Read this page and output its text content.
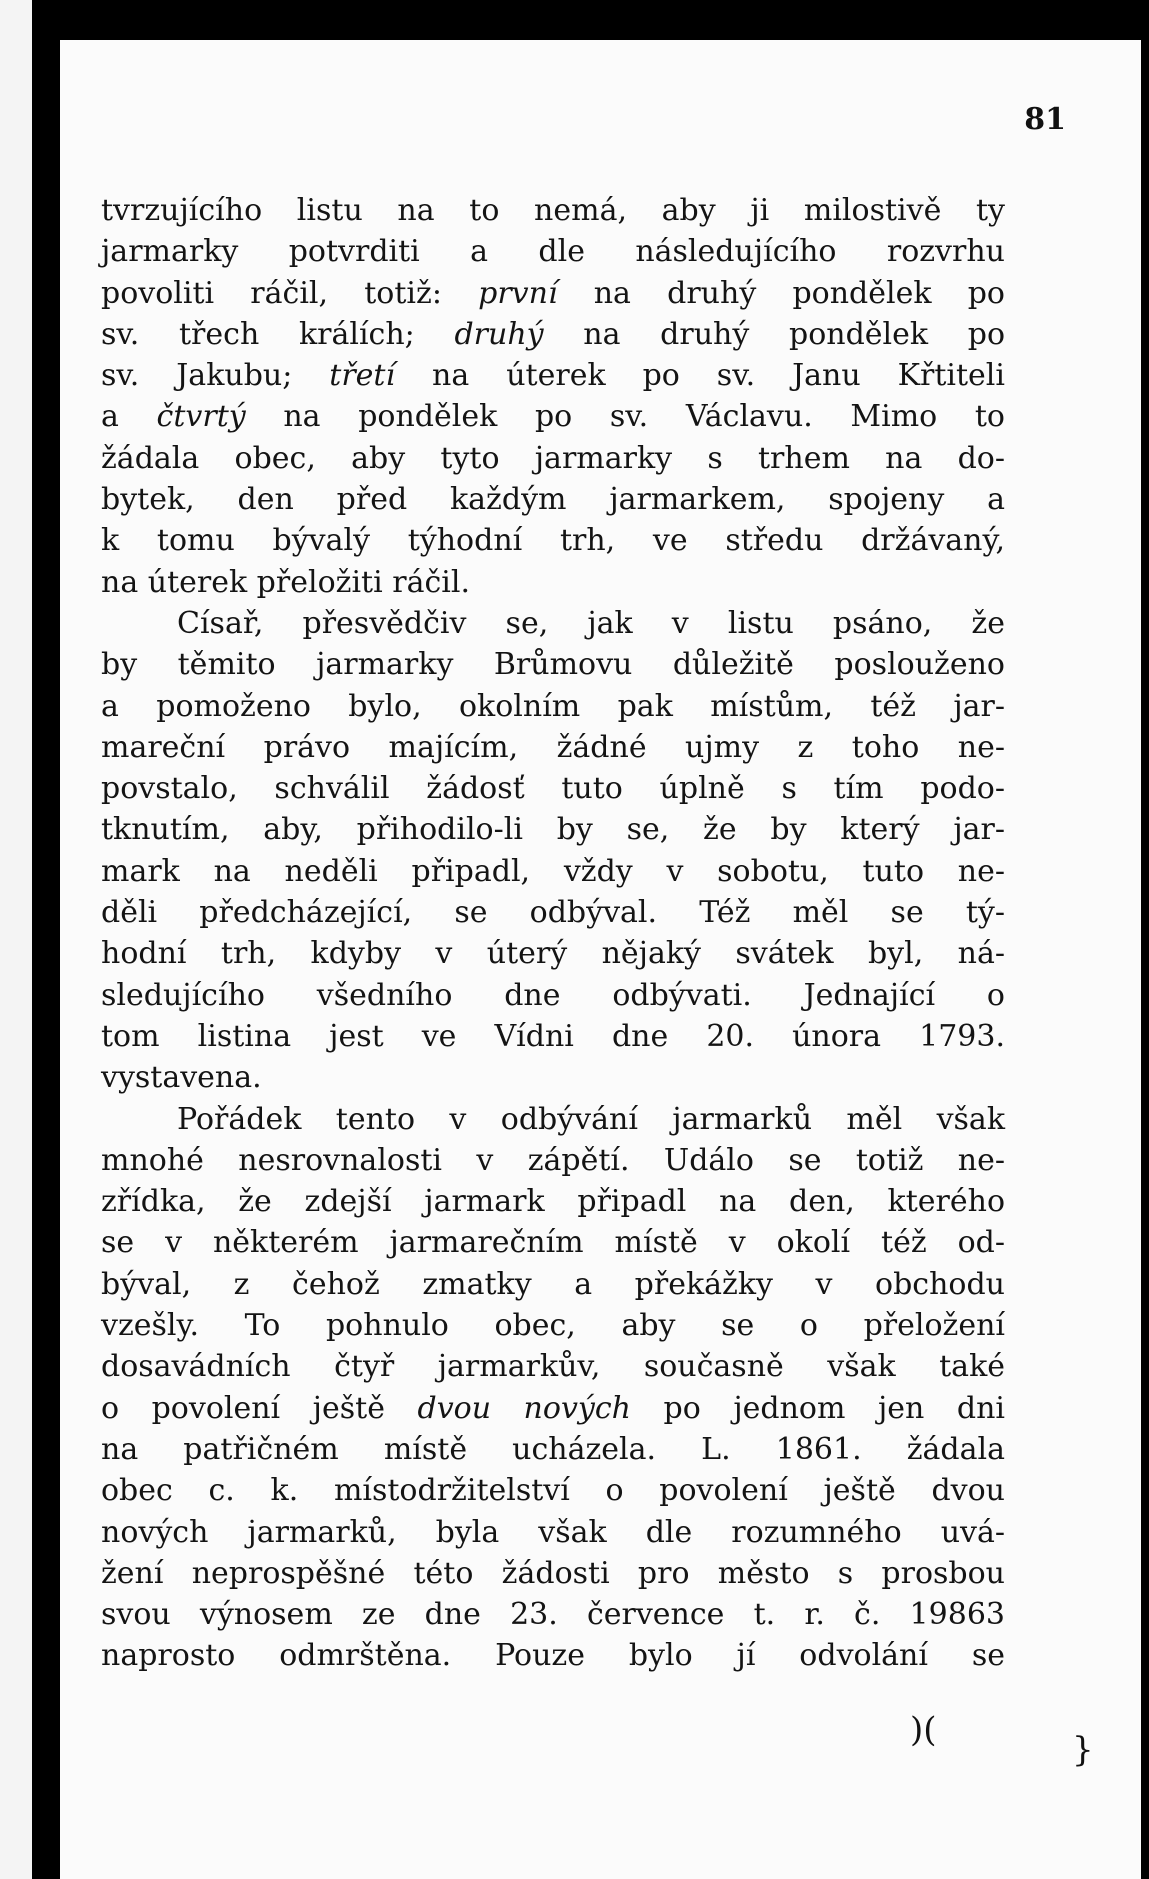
81
tvrzujícího listu na to nemá, aby ji milostivě ty
jarmarky potvrditi a dle následujícího rozvrhu
povoliti ráčil, totiž: první na druhý pondělek po
sv. třech králích; druhý na druhý pondělek po
sv. Jakubu; třetí na úterek po sv. Janu Křtiteli
a čtvrtý na pondělek po sv. Václavu. Mimo to
žádala obec, aby tyto jarmarky s trhem na do-
bytek, den před každým jarmarkem, spojeny a
k tomu bývalý týhodní trh, ve středu držávaný,
na úterek přeložiti ráčil.
Císař, přesvědčiv se, jak v listu psáno, že
by těmito jarmarky Brůmovu důležitě poslouženo
a pomoženo bylo, okolním pak místům, též jar-
mareční právo majícím, žádné ujmy z toho ne-
povstalo, schválil žádosť tuto úplně s tím podo-
tknutím, aby, přihodilo-li by se, že by který jar-
mark na neděli připadl, vždy v sobotu, tuto ne-
děli předcházející, se odbýval. Též měl se tý-
hodní trh, kdyby v úterý nějaký svátek byl, ná-
sledujícího všedního dne odbývati. Jednající o
tom listina jest ve Vídni dne 20. února 1793.
vystavena.
Pořádek tento v odbývání jarmarků měl však
mnohé nesrovnalosti v zápětí. Událo se totiž ne-
zřídka, že zdejší jarmark připadl na den, kterého
se v některém jarmarečním místě v okolí též od-
býval, z čehož zmatky a překážky v obchodu
vzešly. To pohnulo obec, aby se o přeložení
dosavádních čtyř jarmarkův, současně však také
o povolení ještě dvou nových po jednom jen dni
na patřičném místě ucházela. L. 1861. žádala
obec c. k. místodržitelství o povolení ještě dvou
nových jarmarků, byla však dle rozumného uvá-
žení neprospěšné této žádosti pro město s prosbou
svou výnosem ze dne 23. července t. r. č. 19863
naprosto odmrštěna. Pouze bylo jí odvolání se
)(	}
